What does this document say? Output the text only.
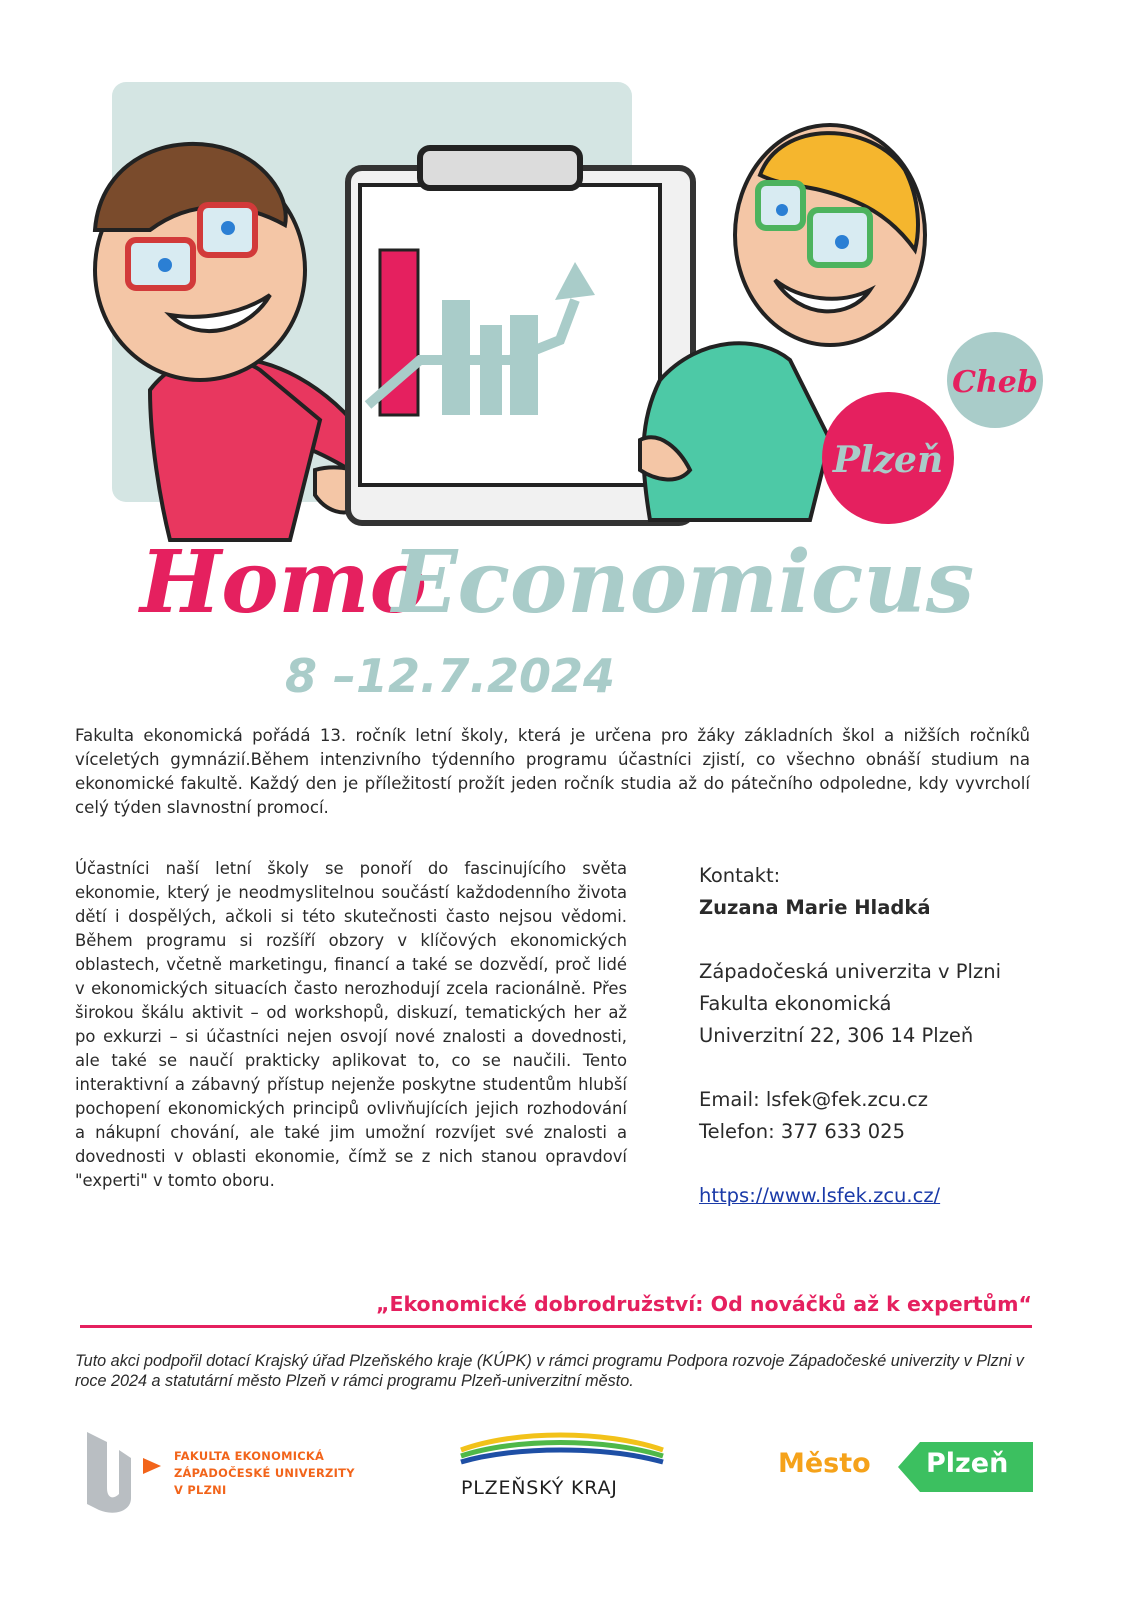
Cheb
Plzeň
Homo
Economicus
8 –12.7.2024

Fakulta ekonomická pořádá 13. ročník letní školy, která je určena pro žáky základních škol a nižších ročníků víceletých gymnázií.Během intenzivního týdenního programu účastníci zjistí, co všechno obnáší studium na ekonomické fakultě. Každý den je příležitostí prožít jeden ročník studia až do pátečního odpoledne, kdy vyvrcholí celý týden slavnostní promocí.

Účastníci naší letní školy se ponoří do fascinujícího světa ekonomie, který je neodmyslitelnou součástí každodenního života dětí i dospělých, ačkoli si této skutečnosti často nejsou vědomi. Během programu si rozšíří obzory v klíčových ekonomických oblastech, včetně marketingu, financí a také se dozvědí, proč lidé v ekonomických situacích často nerozhodují zcela racionálně. Přes širokou škálu aktivit – od workshopů, diskuzí, tematických her až po exkurzi – si účastníci nejen osvojí nové znalosti a dovednosti, ale také se naučí prakticky aplikovat to, co se naučili. Tento interaktivní a zábavný přístup nejenže poskytne studentům hlubší pochopení ekonomických principů ovlivňujících jejich rozhodování a nákupní chování, ale také jim umožní rozvíjet své znalosti a dovednosti v oblasti ekonomie, čímž se z nich stanou opravdoví "experti" v tomto oboru.

Kontakt:
Zuzana Marie Hladká
Západočeská univerzita v Plzni
Fakulta ekonomická
Univerzitní 22, 306 14 Plzeň
Email: lsfek@fek.zcu.cz
Telefon: 377 633 025
https://www.lsfek.zcu.cz/
„Ekonomické dobrodružství: Od nováčků až k expertům“

Tuto akci podpořil dotací Krajský úřad Plzeňského kraje (KÚPK) v rámci programu Podpora rozvoje Západočeské univerzity v Plzni v roce 2024 a statutární město Plzeň v rámci programu Plzeň-univerzitní město.

FAKULTA EKONOMICKÁ
ZÁPADOČESKÉ UNIVERZITY
V PLZNI	PLZEŇSKÝ KRAJ
Město Plzeň
